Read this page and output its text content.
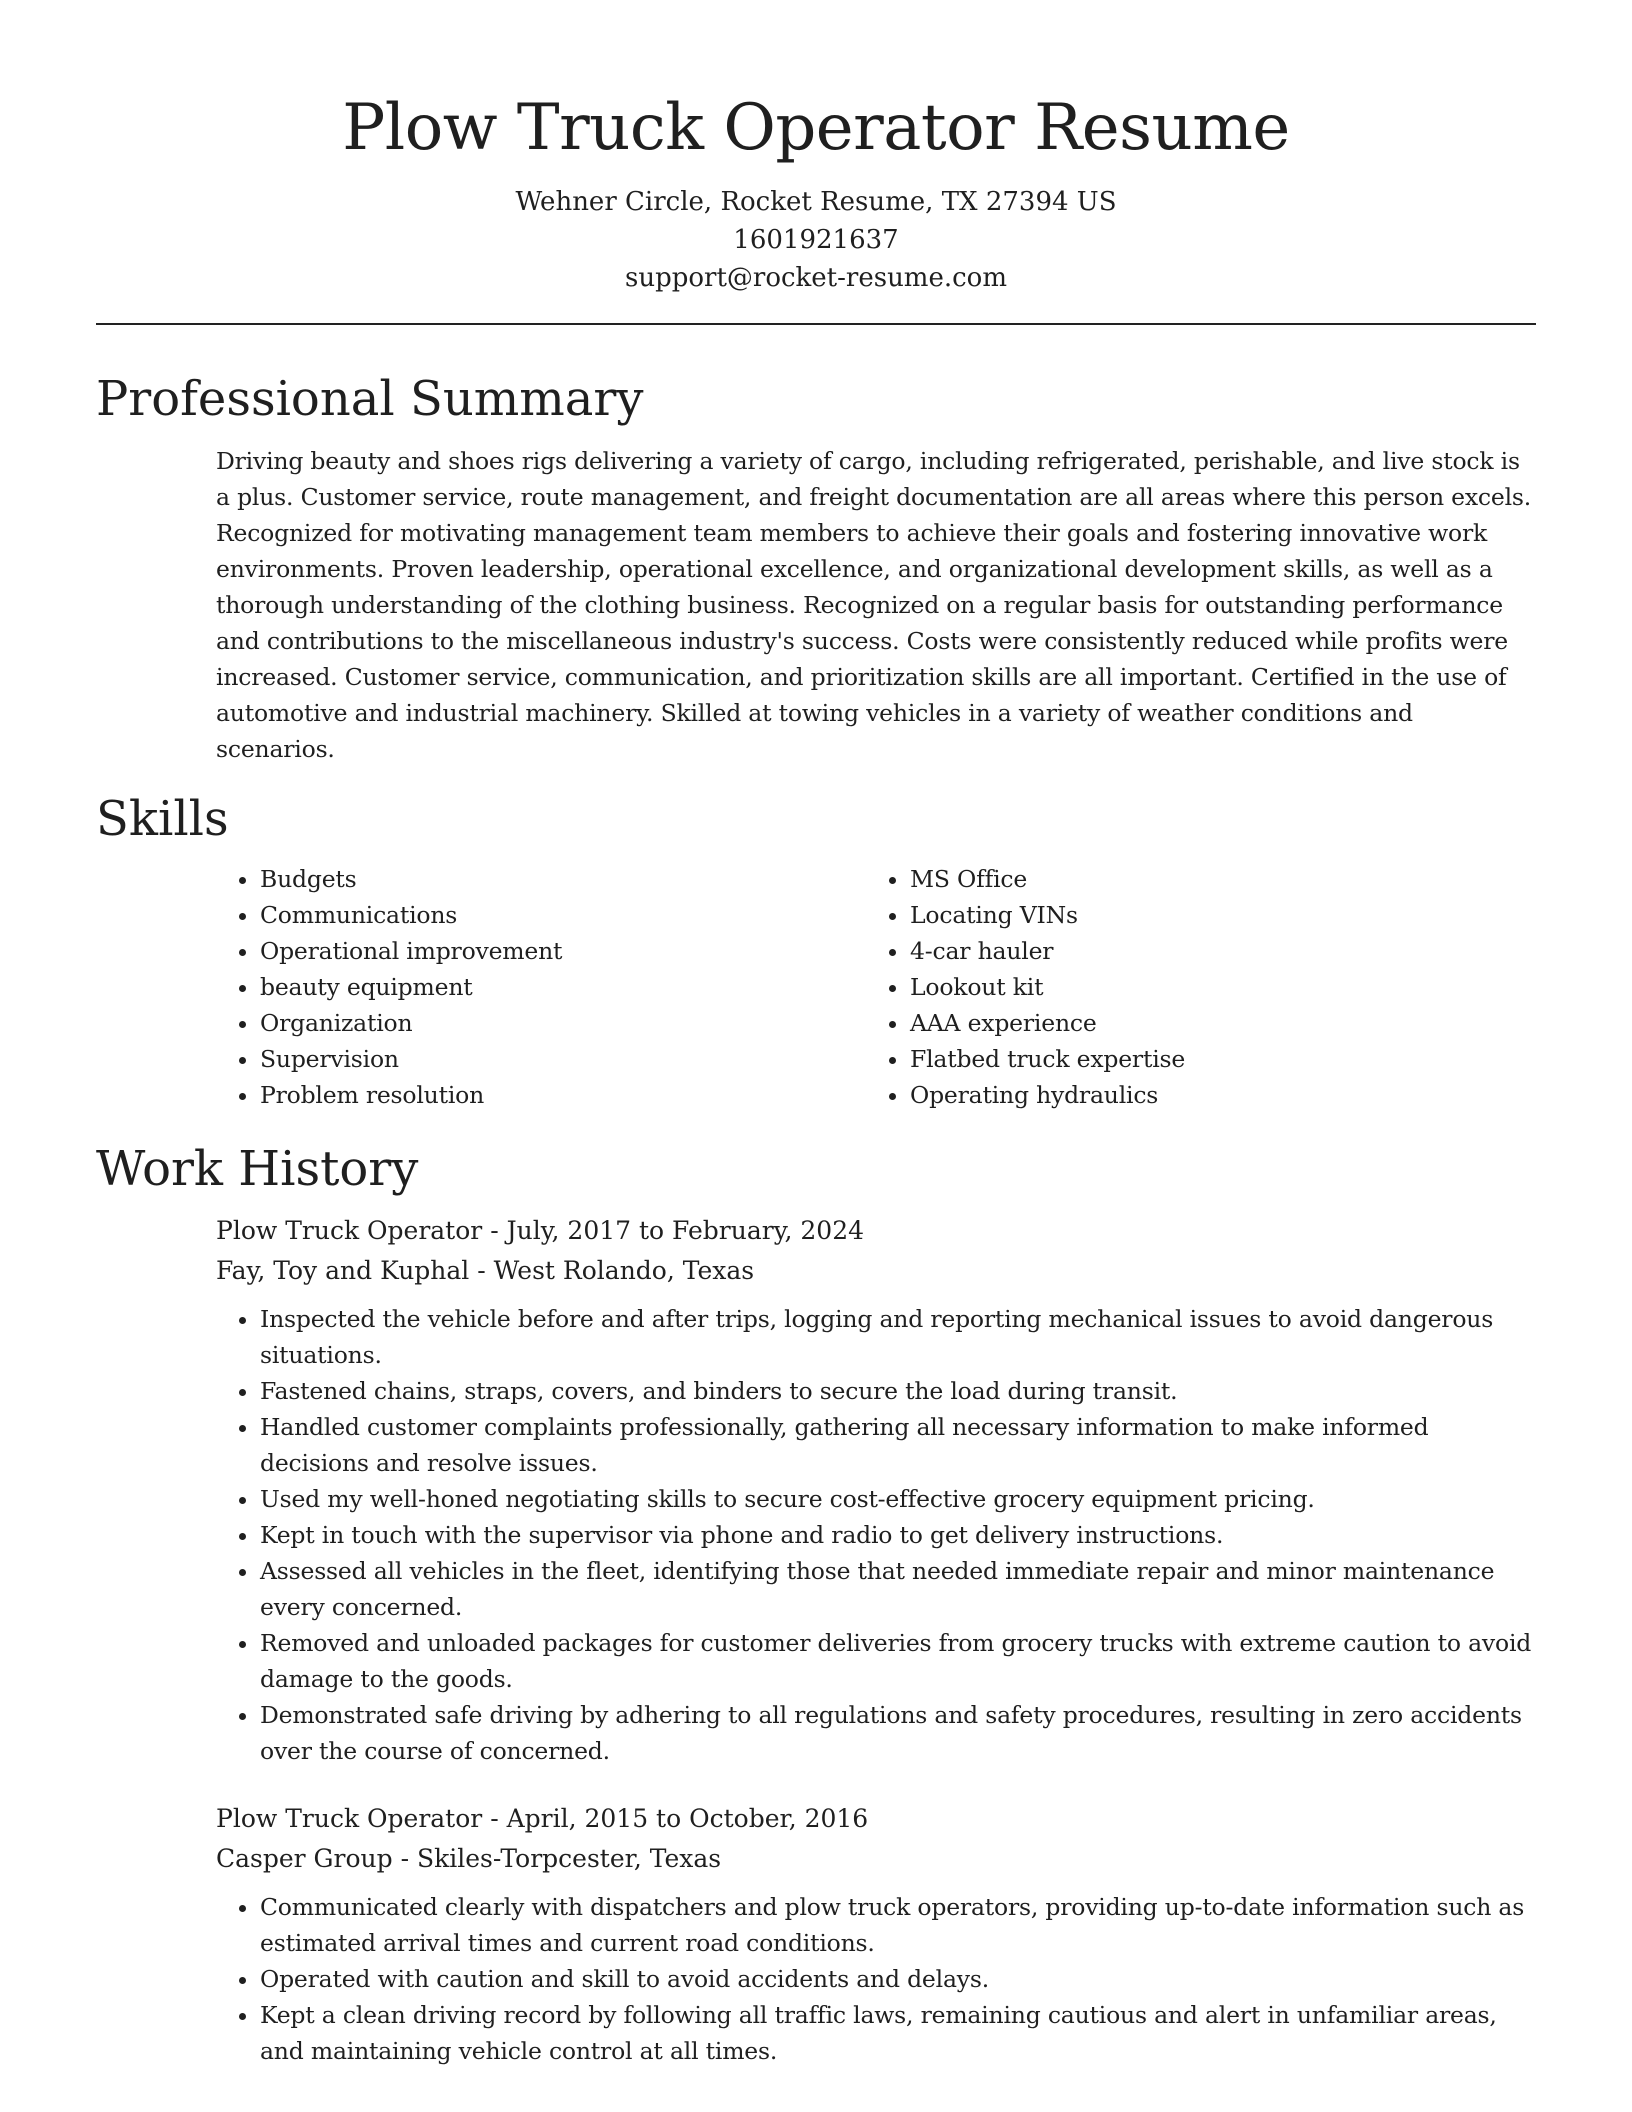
Plow Truck Operator Resume

Wehner Circle, Rocket Resume, TX 27394 US

1601921637

support@rocket-resume.com

Professional Summary

Driving beauty and shoes rigs delivering a variety of cargo, including refrigerated, perishable, and live stock is a plus. Customer service, route management, and freight documentation are all areas where this person excels. Recognized for motivating management team members to achieve their goals and fostering innovative work environments. Proven leadership, operational excellence, and organizational development skills, as well as a thorough understanding of the clothing business. Recognized on a regular basis for outstanding performance and contributions to the miscellaneous industry's success. Costs were consistently reduced while profits were increased. Customer service, communication, and prioritization skills are all important. Certified in the use of automotive and industrial machinery. Skilled at towing vehicles in a variety of weather conditions and scenarios.

Skills
• Budgets
• Communications
• Operational improvement
• beauty equipment
• Organization
• Supervision
• Problem resolution
• MS Office
• Locating VINs
• 4-car hauler
• Lookout kit
• AAA experience
• Flatbed truck expertise
• Operating hydraulics
Work History

Plow Truck Operator - July, 2017 to February, 2024

Fay, Toy and Kuphal - West Rolando, Texas

• Inspected the vehicle before and after trips, logging and reporting mechanical issues to avoid dangerous situations.
• Fastened chains, straps, covers, and binders to secure the load during transit.
• Handled customer complaints professionally, gathering all necessary information to make informed decisions and resolve issues.
• Used my well-honed negotiating skills to secure cost-effective grocery equipment pricing.
• Kept in touch with the supervisor via phone and radio to get delivery instructions.
• Assessed all vehicles in the fleet, identifying those that needed immediate repair and minor maintenance every concerned.
• Removed and unloaded packages for customer deliveries from grocery trucks with extreme caution to avoid damage to the goods.
• Demonstrated safe driving by adhering to all regulations and safety procedures, resulting in zero accidents over the course of concerned.

Plow Truck Operator - April, 2015 to October, 2016

Casper Group - Skiles-Torpcester, Texas

• Communicated clearly with dispatchers and plow truck operators, providing up-to-date information such as estimated arrival times and current road conditions.
• Operated with caution and skill to avoid accidents and delays.
• Kept a clean driving record by following all traffic laws, remaining cautious and alert in unfamiliar areas, and maintaining vehicle control at all times.
